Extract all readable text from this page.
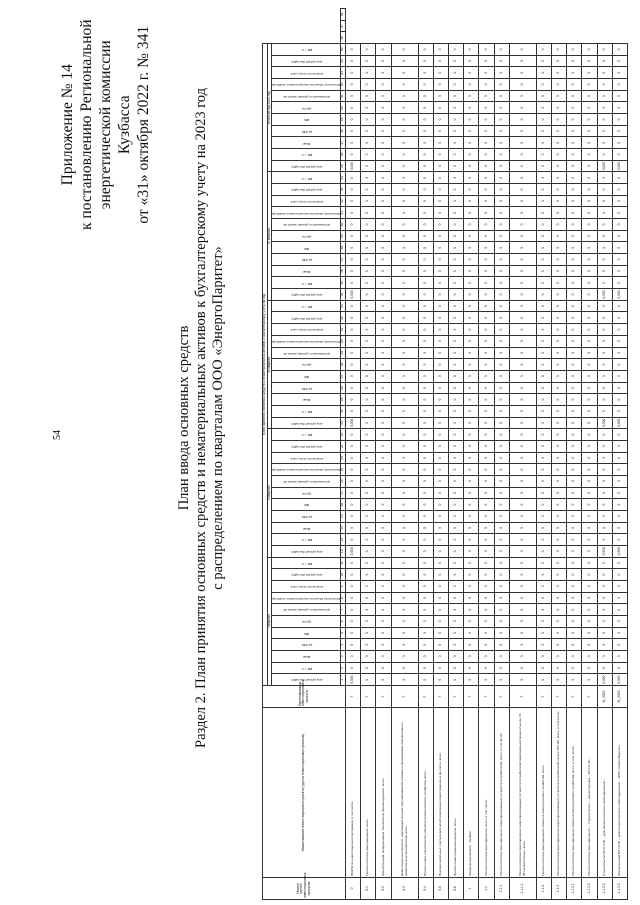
54
Приложение № 14 к постановлению Региональной энергетической комиссии Кузбасса от «31» октября 2022 г. № 341
План ввода основных средств Раздел 2. План принятия основных средств и нематериальных активов к бухгалтерскому учету на 2023 год с распределением по кварталам ООО «ЭнергоПаритет»
Номер группы инвестиционных проектов	Наименование инвестиционного проекта (группы инвестиционных проектов)	Идентификатор инвестиционного проекта	План принятия основных средств и нематериальных активов к бухгалтерскому учету на год																																																									
			I квартал											II квартал											III квартал											IV квартал											Итого за год 2023 год													
			млн рублей (без НДС)	МВ×А	Мвар	км ЛЭП	МВт	другое	протяженность (длина) линий, км	Количество объектов электросетевого хозяйства	количество точек учета	млн рублей (без НДС)	МВ×А	млн рублей (без НДС)	МВ×А	Мвар	км ЛЭП	МВт	другое	протяженность (длина) линий, км	Количество объектов электросетевого хозяйства	количество точек учета	млн рублей (без НДС)	МВ×А	млн рублей (без НДС)	МВ×А	Мвар	км ЛЭП	МВт	другое	протяженность (длина) линий, км	Количество объектов электросетевого хозяйства	количество точек учета	млн рублей (без НДС)	МВ×А	млн рублей (без НДС)	МВ×А	Мвар	км ЛЭП	МВт	другое	протяженность (длина) линий, км	Количество объектов электросетевого хозяйства	количество точек учета	млн рублей (без НДС)	МВ×А	млн рублей (без НДС)	МВ×А	Мвар	км ЛЭП	МВт	другое	протяженность (длина) линий, км	Количество объектов электросетевого хозяйства	количество точек учета	млн рублей (без НДС)	МВ×А			
			1	2	3	4	5	6	7	8	9	10	11	12	13	14	15	16	17	18	19	20	21	22	23	24	25	26	27	28	29	30	31	32	33	34	35	36	37	38	39	40	41	42	43	44	45	46	47	48	49	50	51	52	53	54	55	56	57	58
0	ВСЕГО по инвестиционной программе, в том числе:	Г	0,000	0	0	0	0	0	0	0	0	0	0	0,000	0	0	0	0	0	0	0	0	0	0	0,000	0	0	0	0	0	0	0	0	0	0	0,000	0	0	0	0	0	0	0	0	0	0	0,000	0	0	0	0	0	0	0	0	0	0			
0.1	Технологическое присоединение, всего	Г	0	0	0	0	0	0	0	0	0	0	0	0	0	0	0	0	0	0	0	0	0	0	0	0	0	0	0	0	0	0	0	0	0	0	0	0	0	0	0	0	0	0	0	0	0	0	0	0	0	0	0	0	0	0	0			
0.2	Реконструкция, модернизация, техническое перевооружение, всего	Г	0	0	0	0	0	0	0	0	0	0	0	0	0	0	0	0	0	0	0	0	0	0	0	0	0	0	0	0	0	0	0	0	0	0	0	0	0	0	0	0	0	0	0	0	0	0	0	0	0	0	0	0	0	0	0			
0.3	Инвестиционные проекты, реализация которых обуславливается схемами и программами перспективного развития электроэнергетики, всего	Г	0	0	0	0	0	0	0	0	0	0	0	0	0	0	0	0	0	0	0	0	0	0	0	0	0	0	0	0	0	0	0	0	0	0	0	0	0	0	0	0	0	0	0	0	0	0	0	0	0	0	0	0	0	0	0			
0.4	Прочее новое строительство объектов электросетевого хозяйства, всего	Г	0	0	0	0	0	0	0	0	0	0	0	0	0	0	0	0	0	0	0	0	0	0	0	0	0	0	0	0	0	0	0	0	0	0	0	0	0	0	0	0	0	0	0	0	0	0	0	0	0	0	0	0	0	0	0			
0.5	Покупка земельных участков для целей реализации инвестиционных проектов, всего	Г	0	0	0	0	0	0	0	0	0	0	0	0	0	0	0	0	0	0	0	0	0	0	0	0	0	0	0	0	0	0	0	0	0	0	0	0	0	0	0	0	0	0	0	0	0	0	0	0	0	0	0	0	0	0	0			
0.6	Прочие инвестиционные проекты, всего	Г	0	0	0	0	0	0	0	0	0	0	0	0	0	0	0	0	0	0	0	0	0	0	0	0	0	0	0	0	0	0	0	0	0	0	0	0	0	0	0	0	0	0	0	0	0	0	0	0	0	0	0	0	0	0	0			
1	Кемеровская область - Кузбасс	Г	0	0	0	0	0	0	0	0	0	0	0	0	0	0	0	0	0	0	0	0	0	0	0	0	0	0	0	0	0	0	0	0	0	0	0	0	0	0	0	0	0	0	0	0	0	0	0	0	0	0	0	0	0	0	0			
1.1	Технологическое присоединение, всего, в том числе:	Г	0	0	0	0	0	0	0	0	0	0	0	0	0	0	0	0	0	0	0	0	0	0	0	0	0	0	0	0	0	0	0	0	0	0	0	0	0	0	0	0	0	0	0	0	0	0	0	0	0	0	0	0	0	0	0			
1.1.1	Технологическое присоединение энергопринимающих устройств потребителей, всего, в том числе:	Г	0	0	0	0	0	0	0	0	0	0	0	0	0	0	0	0	0	0	0	0	0	0	0	0	0	0	0	0	0	0	0	0	0	0	0	0	0	0	0	0	0	0	0	0	0	0	0	0	0	0	0	0	0	0	0			
1.1.1.1	Технологическое присоединение энергопринимающих устройств потребителей максимальной мощностью до 15 кВт включительно, всего	Г	0	0	0	0	0	0	0	0	0	0	0	0	0	0	0	0	0	0	0	0	0	0	0	0	0	0	0	0	0	0	0	0	0	0	0	0	0	0	0	0	0	0	0	0	0	0	0	0	0	0	0	0	0	0	0			
1.1.2	Технологическое присоединение объектов электросетевого хозяйства, всего	Г	0	0	0	0	0	0	0	0	0	0	0	0	0	0	0	0	0	0	0	0	0	0	0	0	0	0	0	0	0	0	0	0	0	0	0	0	0	0	0	0	0	0	0	0	0	0	0	0	0	0	0	0	0	0	0			
1.1.3	Технологическое присоединение энергопринимающих устройств потребителей свыше 150 кВт, всего, в том числе:	Г	0	0	0	0	0	0	0	0	0	0	0	0	0	0	0	0	0	0	0	0	0	0	0	0	0	0	0	0	0	0	0	0	0	0	0	0	0	0	0	0	0	0	0	0	0	0	0	0	0	0	0	0	0	0	0			
1.1.3.1	Технологическое присоединение объектов электросетевого хозяйства, всего, в том числе:	Г	0	0	0	0	0	0	0	0	0	0	0	0	0	0	0	0	0	0	0	0	0	0	0	0	0	0	0	0	0	0	0	0	0	0	0	0	0	0	0	0	0	0	0	0	0	0	0	0	0	0	0	0	0	0	0			
1.1.3.2	Технологическое присоединение ... строительство ... реконструкция ... ВЛ 0,4 кВ ...	Г	0	0	0	0	0	0	0	0	0	0	0	0	0	0	0	0	0	0	0	0	0	0	0	0	0	0	0	0	0	0	0	0	0	0	0	0	0	0	0	0	0	0	0	0	0	0	0	0	0	0	0	0	0	0	0			
1.1.3.2	Строительство ВЛ 0,4 кВ ... для технологического присоединения ...	М_2022	0,000	0	0	0	0	0	0	0	0	0	0	0,000	0	0	0	0	0	0	0	0	0	0	0,000	0	0	0	0	0	0	0	0	0	0	0,000	0	0	0	0	0	0	0	0	0	0	0,000	0	0	0	0	0	0	0	0	0	0			
1.1.3.2	Реконструкция ВЛ-10 кВ ... для технологического присоединения ... ООО «ЭнергоПаритет»	М_2023	0,000	0	0	0	0	0	0	0	0	0	0	0,000	0	0	0	0	0	0	0	0	0	0	0,000	0	0	0	0	0	0	0	0	0	0	0,000	0	0	0	0	0	0	0	0	0	0	0,000	0	0	0	0	0	0	0	0	0	0			
